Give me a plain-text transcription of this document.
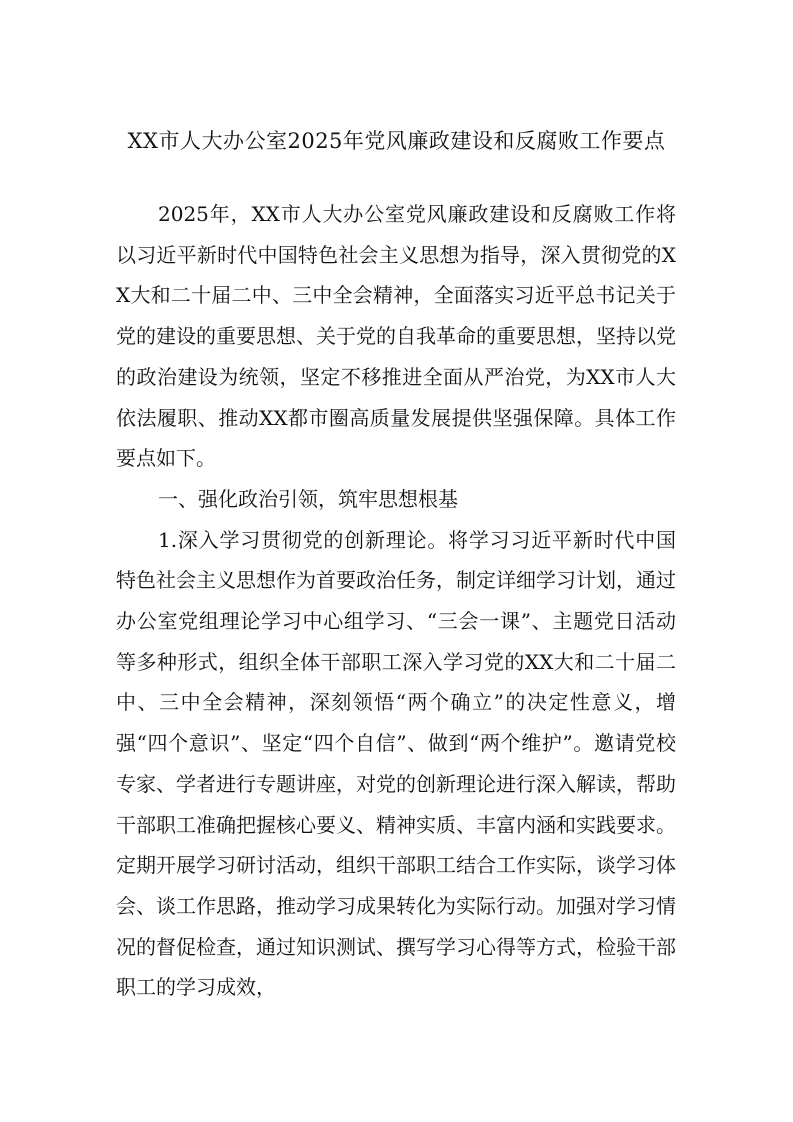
XX市人大办公室2025年党风廉政建设和反腐败工作要点

2025年，XX市人大办公室党风廉政建设和反腐败工作将以习近平新时代中国特色社会主义思想为指导，深入贯彻党的XX大和二十届二中、三中全会精神，全面落实习近平总书记关于党的建设的重要思想、关于党的自我革命的重要思想，坚持以党的政治建设为统领，坚定不移推进全面从严治党，为XX市人大依法履职、推动XX都市圈高质量发展提供坚强保障。具体工作要点如下。

一、强化政治引领，筑牢思想根基

1.深入学习贯彻党的创新理论。将学习习近平新时代中国特色社会主义思想作为首要政治任务，制定详细学习计划，通过办公室党组理论学习中心组学习、“三会一课”、主题党日活动等多种形式，组织全体干部职工深入学习党的XX大和二十届二中、三中全会精神，深刻领悟“两个确立”的决定性意义，增强“四个意识”、坚定“四个自信”、做到“两个维护”。邀请党校专家、学者进行专题讲座，对党的创新理论进行深入解读，帮助干部职工准确把握核心要义、精神实质、丰富内涵和实践要求。定期开展学习研讨活动，组织干部职工结合工作实际，谈学习体会、谈工作思路，推动学习成果转化为实际行动。加强对学习情况的督促检查，通过知识测试、撰写学习心得等方式，检验干部职工的学习成效，
